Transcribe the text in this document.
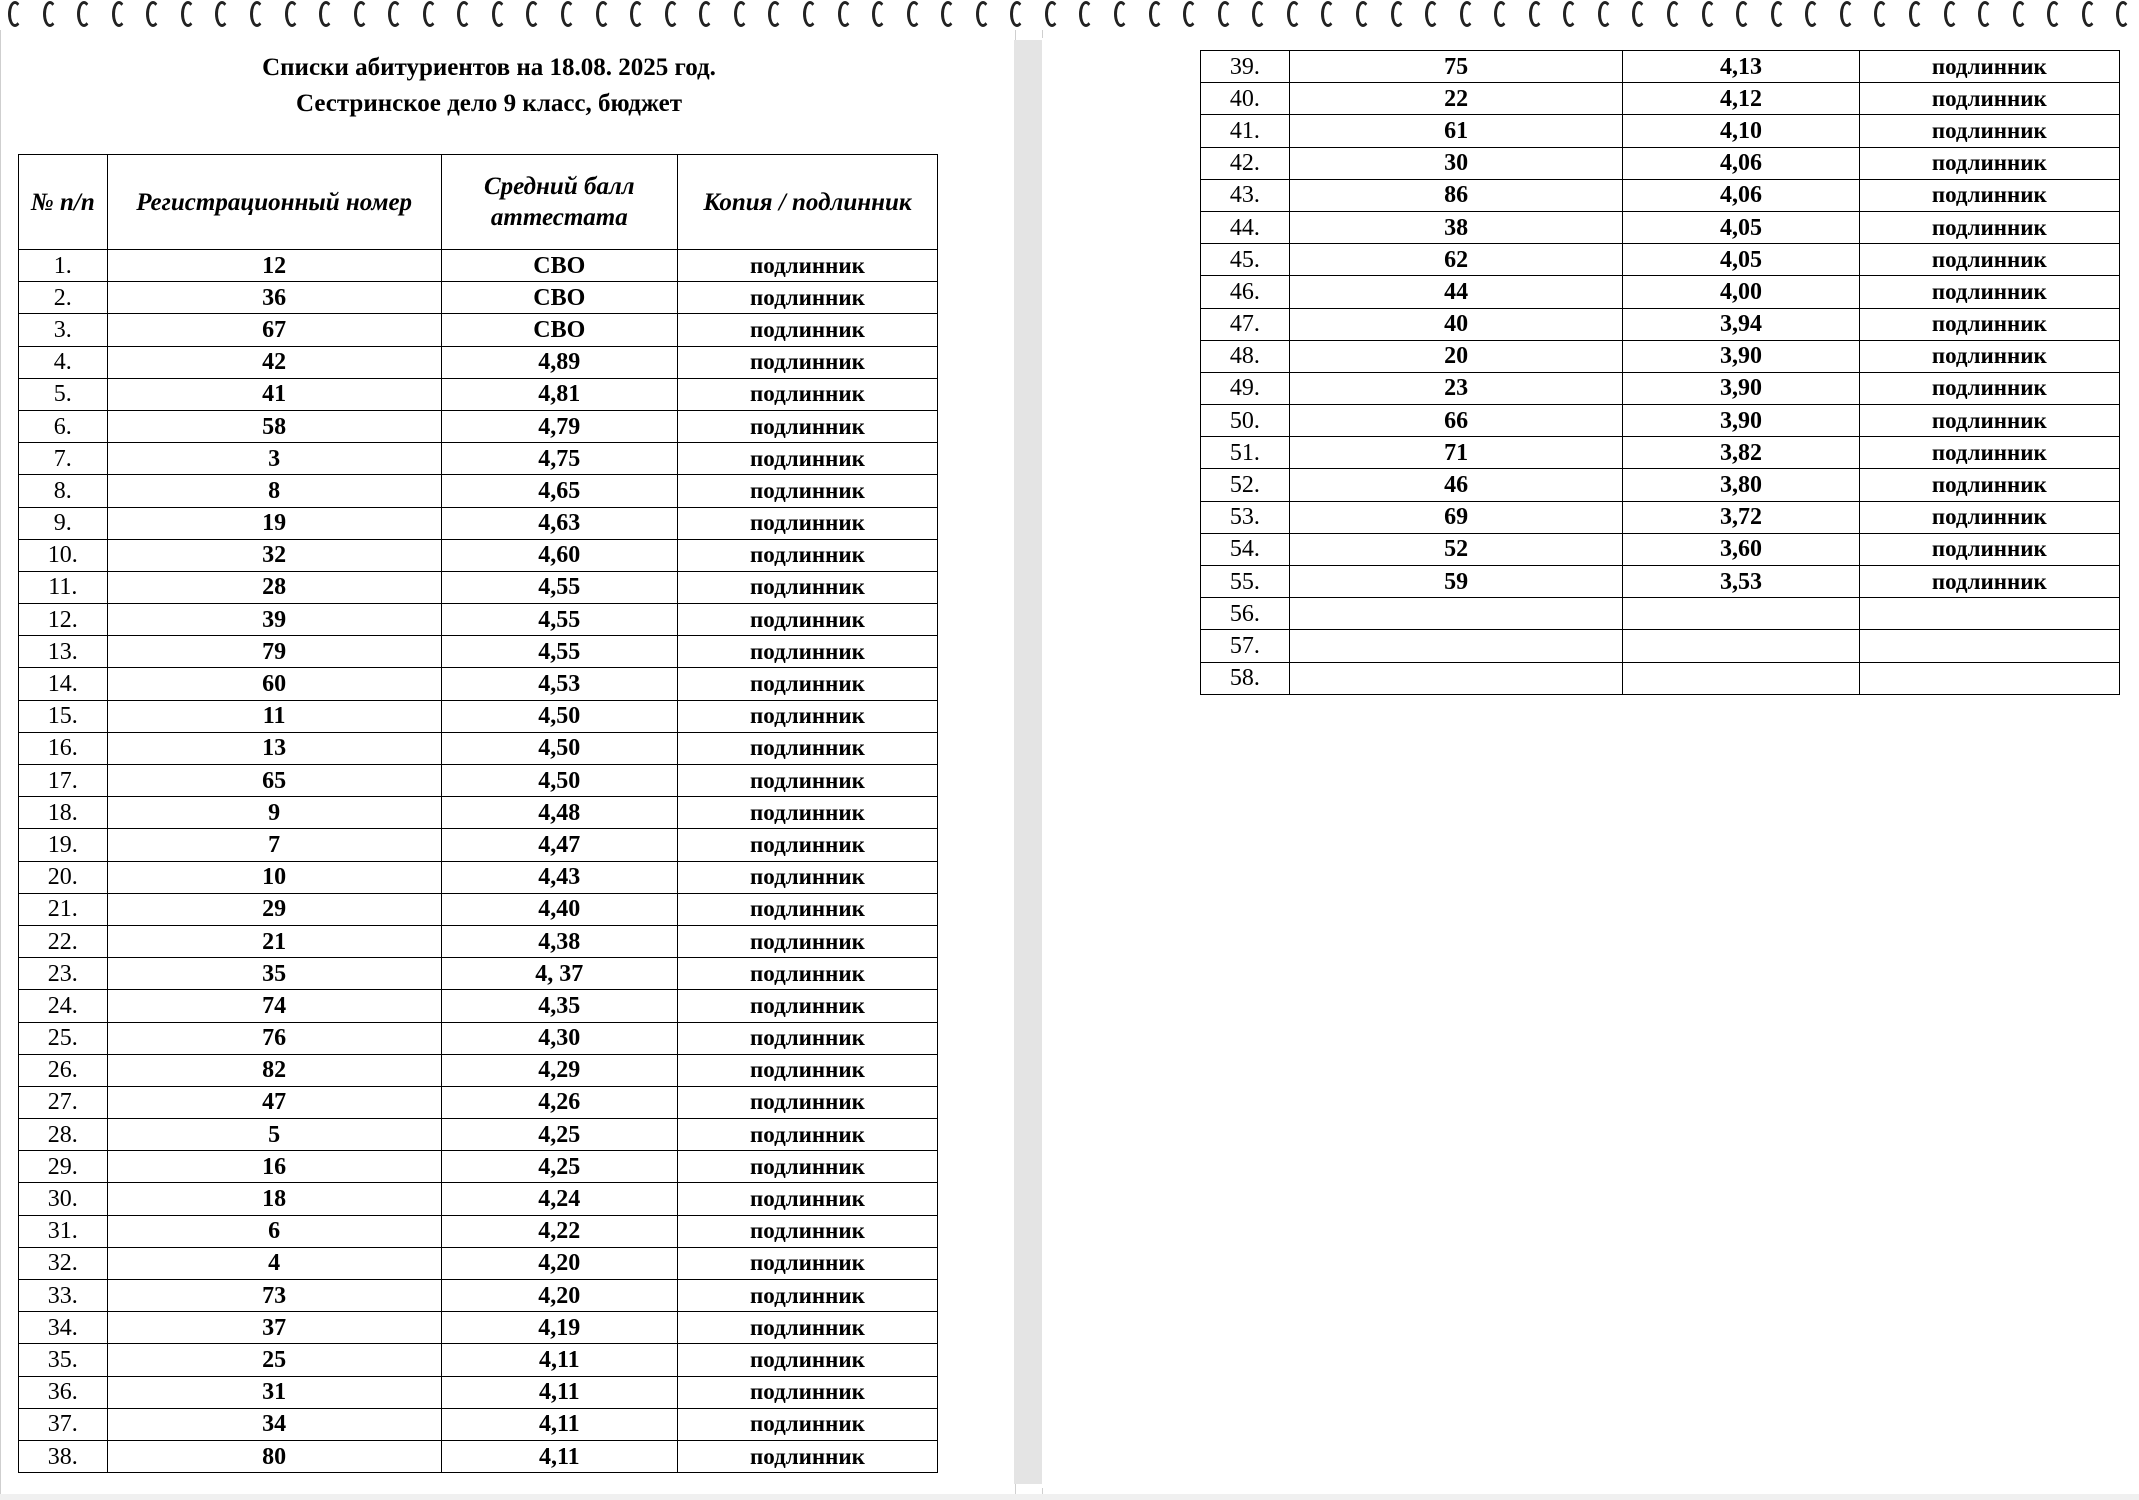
Списки абитуриентов на 18.08. 2025 год.
Сестринское дело 9 класс, бюджет
№ п/п	Регистрационный номер	Средний балл аттестата	Копия / подлинник
1.	12	СВО	подлинник
2.	36	СВО	подлинник
3.	67	СВО	подлинник
4.	42	4,89	подлинник
5.	41	4,81	подлинник
6.	58	4,79	подлинник
7.	3	4,75	подлинник
8.	8	4,65	подлинник
9.	19	4,63	подлинник
10.	32	4,60	подлинник
11.	28	4,55	подлинник
12.	39	4,55	подлинник
13.	79	4,55	подлинник
14.	60	4,53	подлинник
15.	11	4,50	подлинник
16.	13	4,50	подлинник
17.	65	4,50	подлинник
18.	9	4,48	подлинник
19.	7	4,47	подлинник
20.	10	4,43	подлинник
21.	29	4,40	подлинник
22.	21	4,38	подлинник
23.	35	4, 37	подлинник
24.	74	4,35	подлинник
25.	76	4,30	подлинник
26.	82	4,29	подлинник
27.	47	4,26	подлинник
28.	5	4,25	подлинник
29.	16	4,25	подлинник
30.	18	4,24	подлинник
31.	6	4,22	подлинник
32.	4	4,20	подлинник
33.	73	4,20	подлинник
34.	37	4,19	подлинник
35.	25	4,11	подлинник
36.	31	4,11	подлинник
37.	34	4,11	подлинник
38.	80	4,11	подлинник
39.	75	4,13	подлинник
40.	22	4,12	подлинник
41.	61	4,10	подлинник
42.	30	4,06	подлинник
43.	86	4,06	подлинник
44.	38	4,05	подлинник
45.	62	4,05	подлинник
46.	44	4,00	подлинник
47.	40	3,94	подлинник
48.	20	3,90	подлинник
49.	23	3,90	подлинник
50.	66	3,90	подлинник
51.	71	3,82	подлинник
52.	46	3,80	подлинник
53.	69	3,72	подлинник
54.	52	3,60	подлинник
55.	59	3,53	подлинник
56.			
57.			
58.			
